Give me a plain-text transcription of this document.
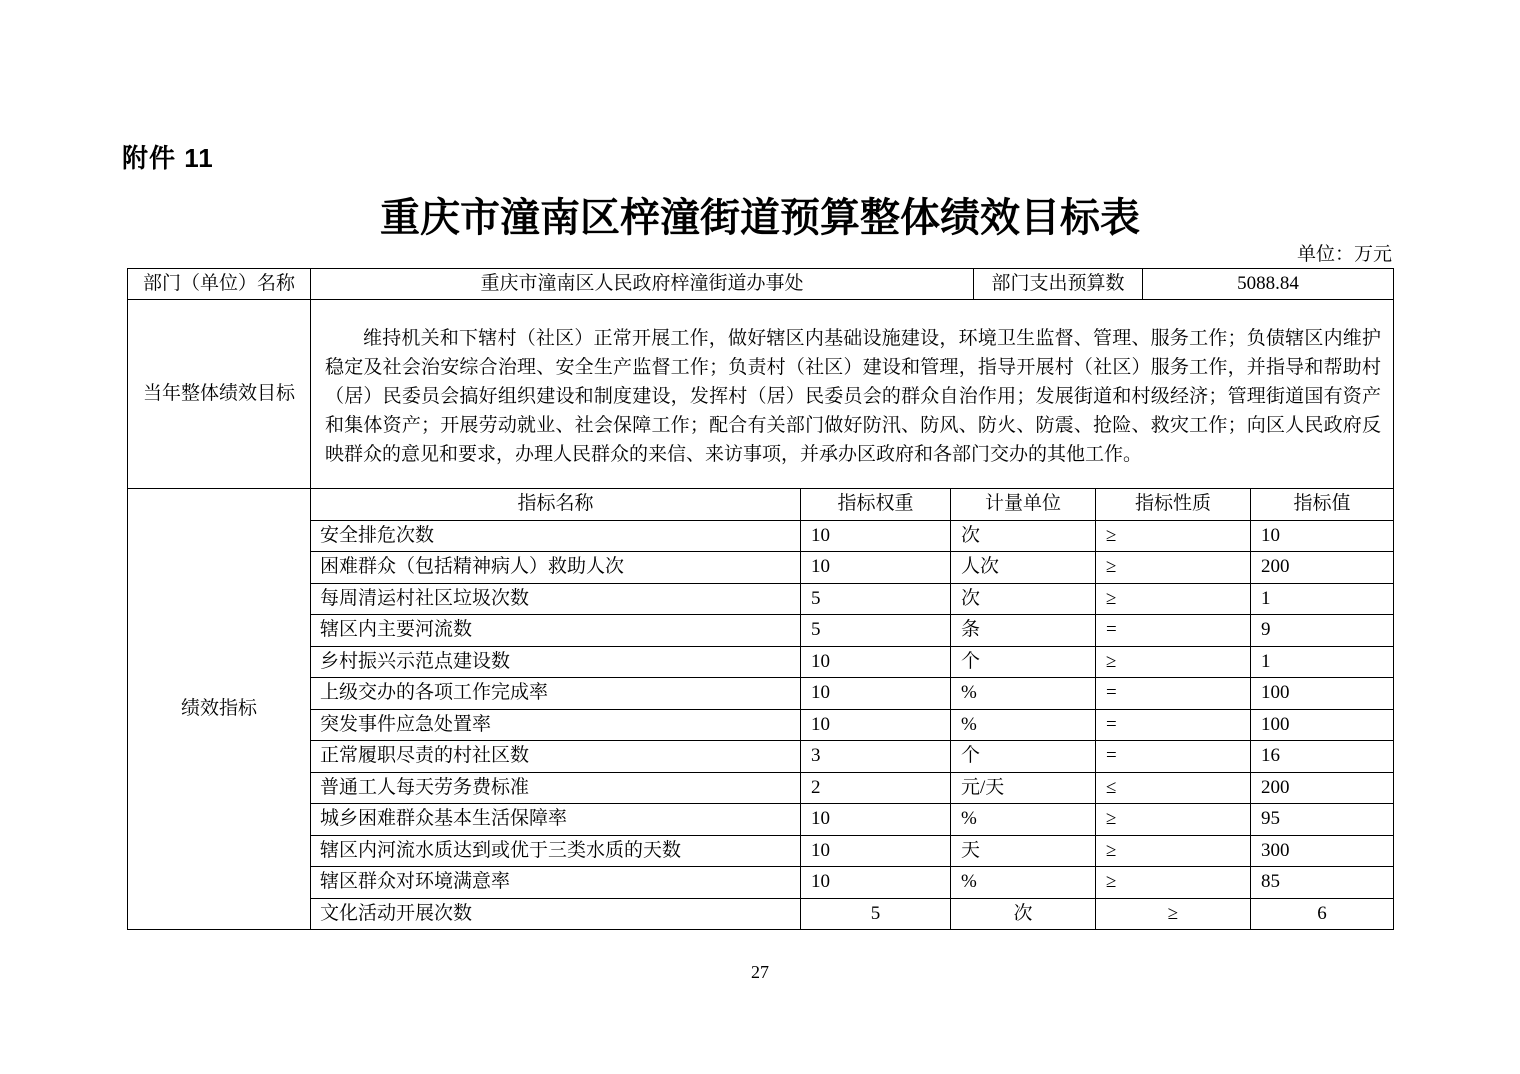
附件 11
重庆市潼南区梓潼街道预算整体绩效目标表
单位：万元
部门（单位）名称	重庆市潼南区人民政府梓潼街道办事处	部门支出预算数	5088.84
当年整体绩效目标	
维持机关和下辖村（社区）正常开展工作，做好辖区内基础设施建设，环境卫生监督、管理、服务工作；负债辖区内维护稳定及社会治安综合治理、安全生产监督工作；负责村（社区）建设和管理，指导开展村（社区）服务工作，并指导和帮助村（居）民委员会搞好组织建设和制度建设，发挥村（居）民委员会的群众自治作用；发展街道和村级经济；管理街道国有资产和集体资产；开展劳动就业、社会保障工作；配合有关部门做好防汛、防风、防火、防震、抢险、救灾工作；向区人民政府反映群众的意见和要求，办理人民群众的来信、来访事项，并承办区政府和各部门交办的其他工作。
绩效指标	指标名称	指标权重	计量单位	指标性质	指标值
	安全排危次数	10	次	≥	10
	困难群众（包括精神病人）救助人次	10	人次	≥	200
	每周清运村社区垃圾次数	5	次	≥	1
	辖区内主要河流数	5	条	=	9
	乡村振兴示范点建设数	10	个	≥	1
	上级交办的各项工作完成率	10	%	=	100
	突发事件应急处置率	10	%	=	100
	正常履职尽责的村社区数	3	个	=	16
	普通工人每天劳务费标准	2	元/天	≤	200
	城乡困难群众基本生活保障率	10	%	≥	95
	辖区内河流水质达到或优于三类水质的天数	10	天	≥	300
	辖区群众对环境满意率	10	%	≥	85
	文化活动开展次数	5	次	≥	6
27
